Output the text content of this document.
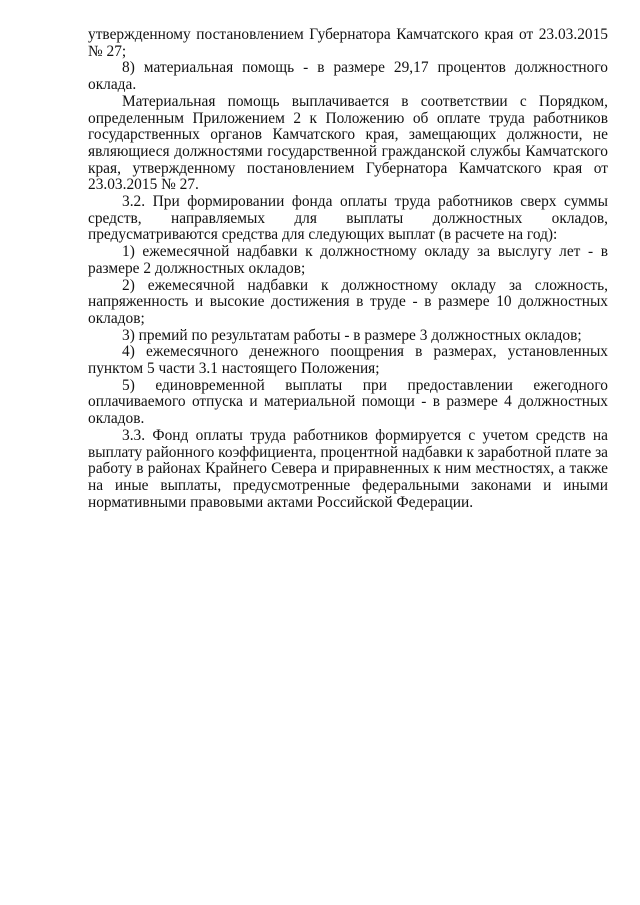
утвержденному постановлением Губернатора Камчатского края от 23.03.2015 № 27;

8) материальная помощь - в размере 29,17 процентов должностного оклада.

Материальная помощь выплачивается в соответствии с Порядком, определенным Приложением 2 к Положению об оплате труда работников государственных органов Камчатского края, замещающих должности, не являющиеся должностями государственной гражданской службы Камчатского края, утвержденному постановлением Губернатора Камчатского края от 23.03.2015 № 27.

3.2. При формировании фонда оплаты труда работников сверх суммы средств, направляемых для выплаты должностных окладов, предусматриваются средства для следующих выплат (в расчете на год):

1) ежемесячной надбавки к должностному окладу за выслугу лет - в размере 2 должностных окладов;

2) ежемесячной надбавки к должностному окладу за сложность, напряженность и высокие достижения в труде - в размере 10 должностных окладов;

3) премий по результатам работы - в размере 3 должностных окладов;

4) ежемесячного денежного поощрения в размерах, установленных пунктом 5 части 3.1 настоящего Положения;

5) единовременной выплаты при предоставлении ежегодного оплачиваемого отпуска и материальной помощи - в размере 4 должностных окладов.

3.3. Фонд оплаты труда работников формируется с учетом средств на выплату районного коэффициента, процентной надбавки к заработной плате за работу в районах Крайнего Севера и приравненных к ним местностях, а также на иные выплаты, предусмотренные федеральными законами и иными нормативными правовыми актами Российской Федерации.
